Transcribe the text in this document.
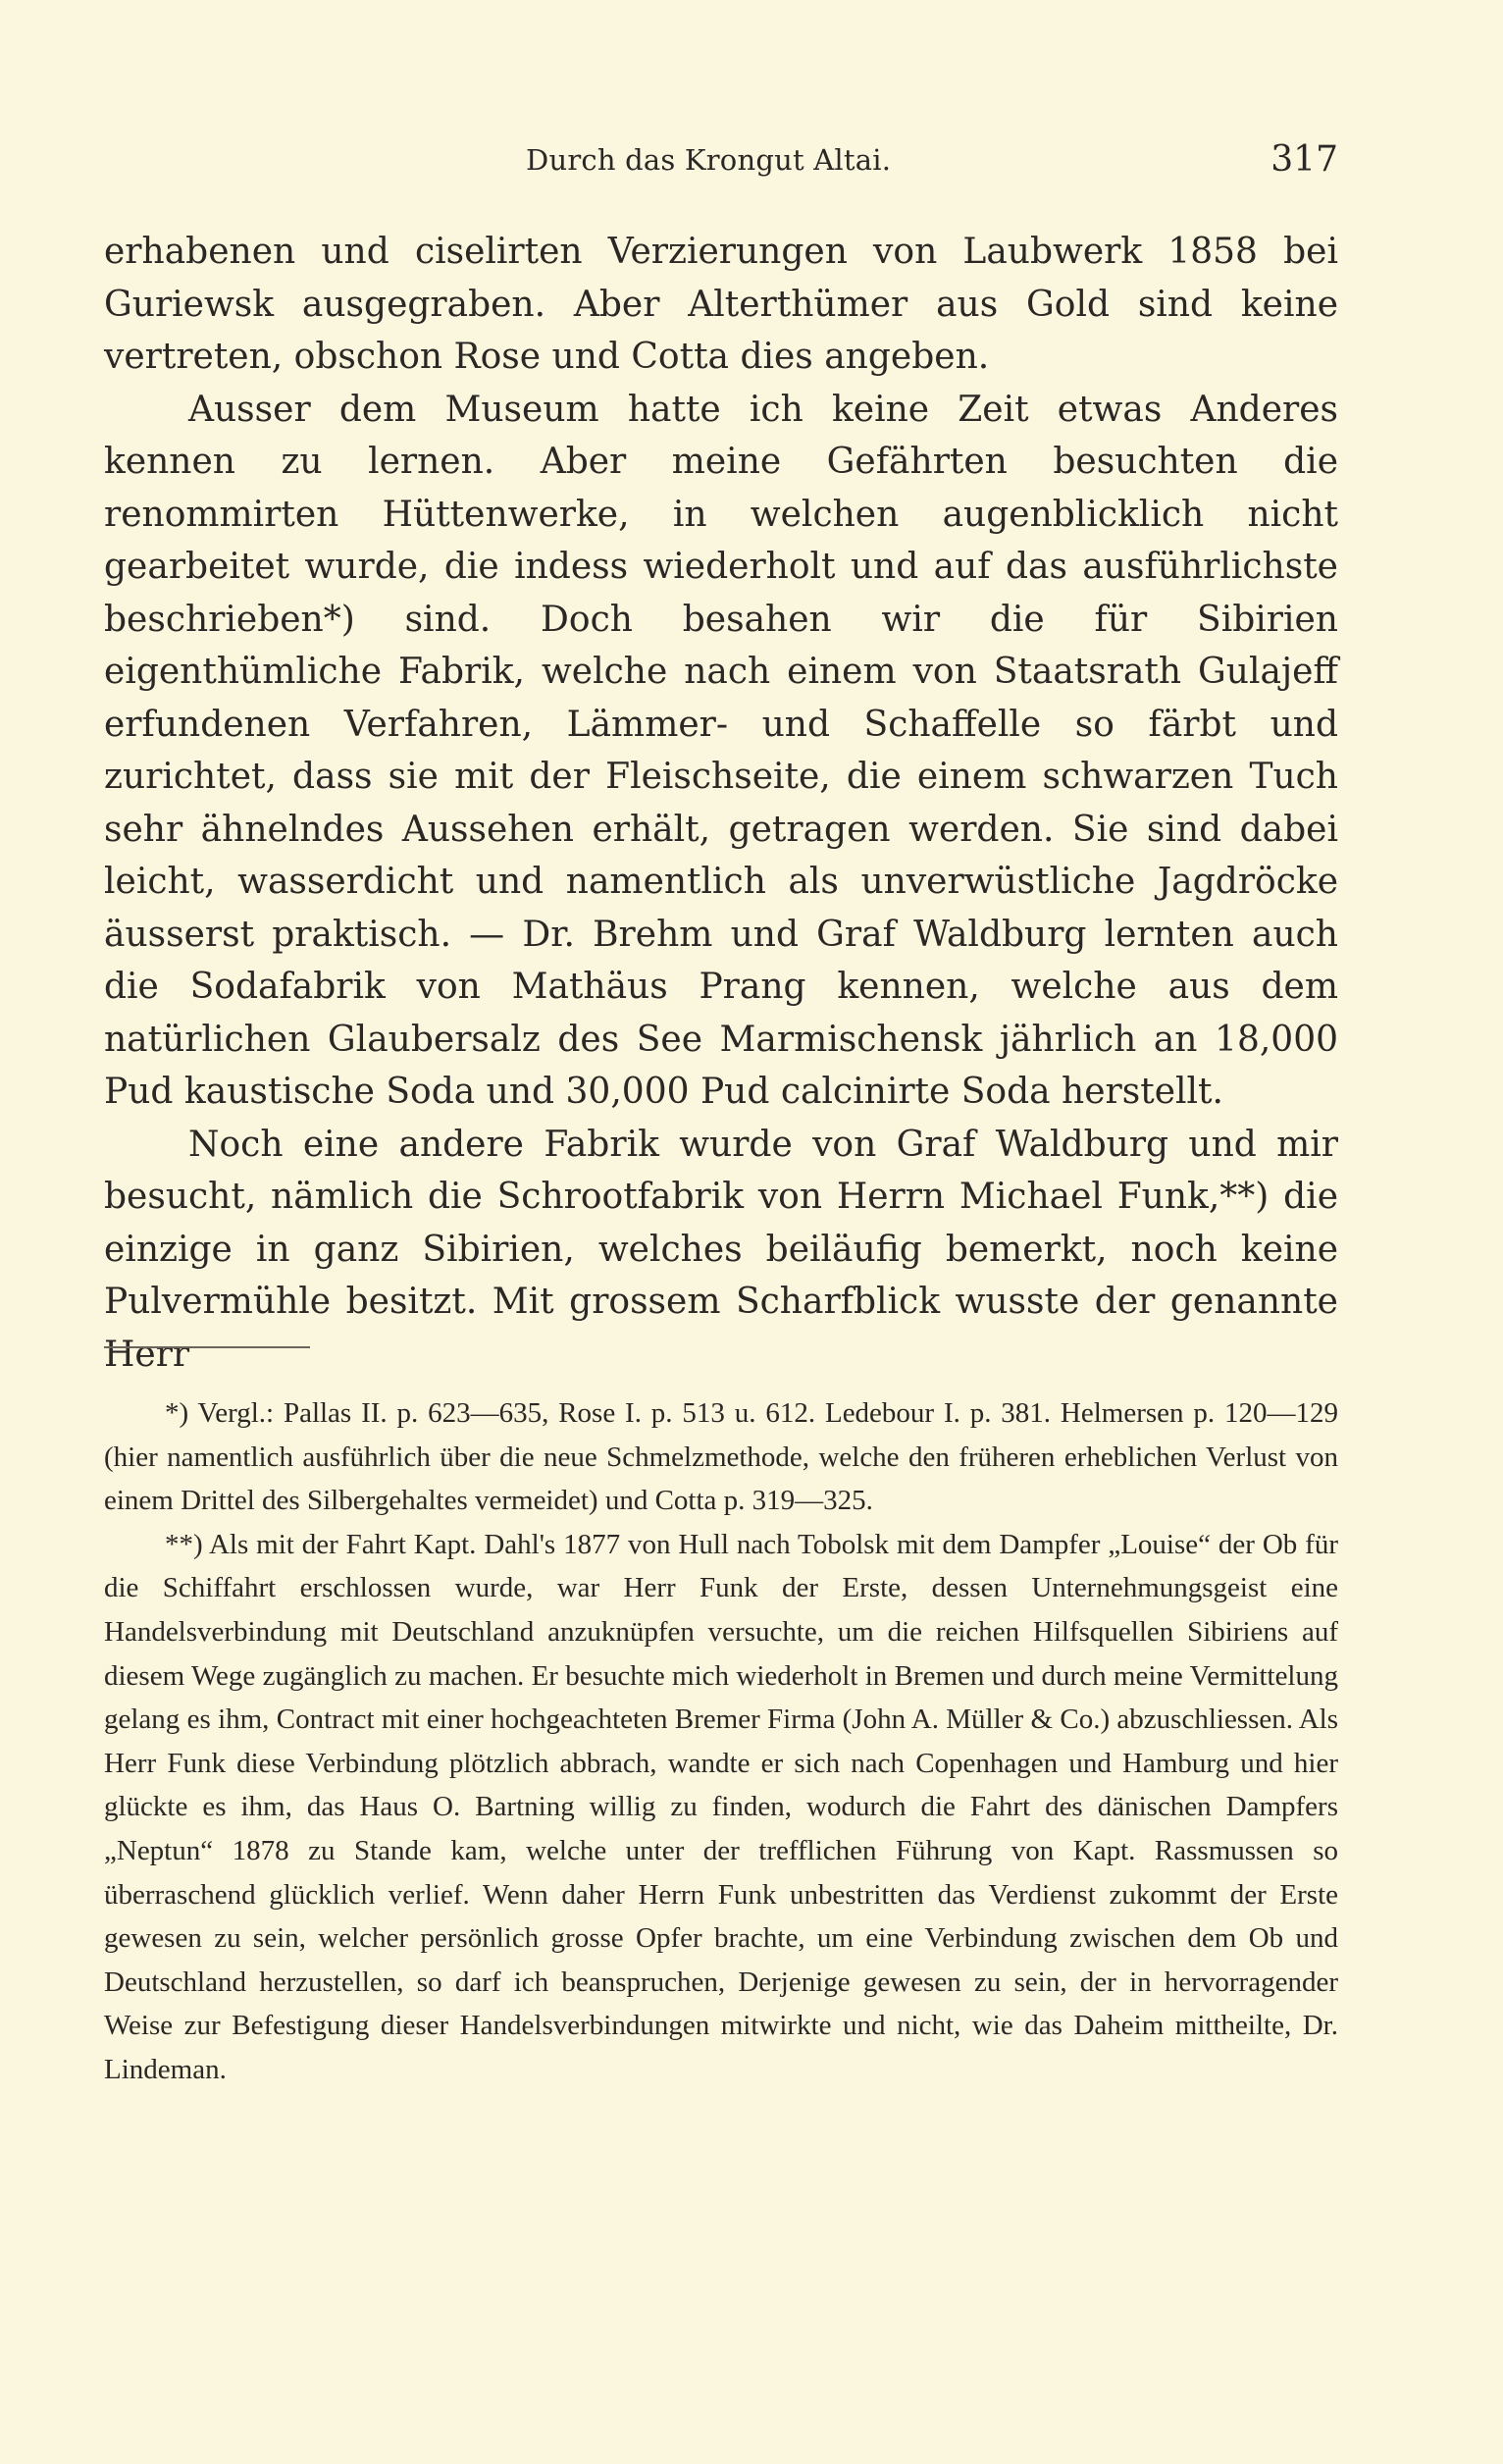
Durch das Krongut Altai.	317

erhabenen und ciselirten Verzierungen von Laubwerk 1858 bei Guriewsk ausgegraben. Aber Alterthümer aus Gold sind keine vertreten, obschon Rose und Cotta dies angeben.

Ausser dem Museum hatte ich keine Zeit etwas Anderes kennen zu lernen. Aber meine Gefährten besuchten die renommirten Hüttenwerke, in welchen augenblicklich nicht gearbeitet wurde, die indess wiederholt und auf das ausführlichste beschrieben*) sind. Doch besahen wir die für Sibirien eigenthümliche Fabrik, welche nach einem von Staatsrath Gulajeff erfundenen Verfahren, Lämmer- und Schaffelle so färbt und zurichtet, dass sie mit der Fleischseite, die einem schwarzen Tuch sehr ähnelndes Aussehen erhält, getragen werden. Sie sind dabei leicht, wasserdicht und namentlich als unverwüstliche Jagdröcke äusserst praktisch. — Dr. Brehm und Graf Waldburg lernten auch die Sodafabrik von Mathäus Prang kennen, welche aus dem natürlichen Glaubersalz des See Marmischensk jährlich an 18,000 Pud kaustische Soda und 30,000 Pud calcinirte Soda herstellt.

Noch eine andere Fabrik wurde von Graf Waldburg und mir besucht, nämlich die Schrootfabrik von Herrn Michael Funk,**) die einzige in ganz Sibirien, welches beiläufig bemerkt, noch keine Pulvermühle besitzt. Mit grossem Scharfblick wusste der genannte Herr

*) Vergl.: Pallas II. p. 623—635, Rose I. p. 513 u. 612. Ledebour I. p. 381. Helmersen p. 120—129 (hier namentlich ausführlich über die neue Schmelzmethode, welche den früheren erheblichen Verlust von einem Drittel des Silbergehaltes vermeidet) und Cotta p. 319—325.

**) Als mit der Fahrt Kapt. Dahl's 1877 von Hull nach Tobolsk mit dem Dampfer „Louise“ der Ob für die Schiffahrt erschlossen wurde, war Herr Funk der Erste, dessen Unternehmungsgeist eine Handelsverbindung mit Deutschland anzuknüpfen versuchte, um die reichen Hilfsquellen Sibiriens auf diesem Wege zugänglich zu machen. Er besuchte mich wiederholt in Bremen und durch meine Vermittelung gelang es ihm, Contract mit einer hochgeachteten Bremer Firma (John A. Müller & Co.) abzuschliessen. Als Herr Funk diese Verbindung plötzlich abbrach, wandte er sich nach Copenhagen und Hamburg und hier glückte es ihm, das Haus O. Bartning willig zu finden, wodurch die Fahrt des dänischen Dampfers „Neptun“ 1878 zu Stande kam, welche unter der trefflichen Führung von Kapt. Rassmussen so überraschend glücklich verlief. Wenn daher Herrn Funk unbestritten das Verdienst zukommt der Erste gewesen zu sein, welcher persönlich grosse Opfer brachte, um eine Verbindung zwischen dem Ob und Deutschland herzustellen, so darf ich beanspruchen, Derjenige gewesen zu sein, der in hervorragender Weise zur Befestigung dieser Handelsverbindungen mitwirkte und nicht, wie das Daheim mittheilte, Dr. Lindeman.
